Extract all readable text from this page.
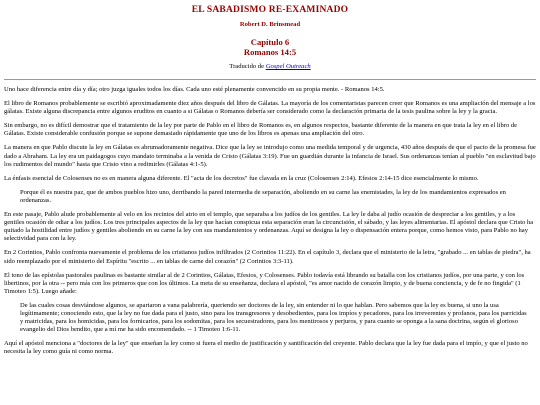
EL SABADISMO RE-EXAMINADO
Robert D. Brinsmead
Capítulo 6
Romanos 14:5
Traducido de Gospel Outreach

Uno hace diferencia entre día y día; otro juzga iguales todos los días. Cada uno esté plenamente convencido en su propia mente. - Romanos 14:5.

El libro de Romanos probablemente se escribió aproximadamente diez años después del libro de Gálatas. La mayoría de los comentaristas parecen creer que Romanos es una ampliación del mensaje a los gálatas. Existe alguna discrepancia entre algunos eruditos en cuanto a si Gálatas o Romanos debería ser considerado como la declaración primaria de la tesis paulina sobre la ley y la gracia.

Sin embargo, no es difícil demostrar que el tratamiento de la ley por parte de Pablo en el libro de Romanos es, en algunos respectos, bastante diferente de la manera en que trata la ley en el libro de Gálatas. Existe considerable confusión porque se supone demasiado rápidamente que uno de los libros es apenas una ampliación del otro.

La manera en que Pablo discute la ley en Gálatas es abrumadoramente negativa. Dice que la ley se introdujo como una medida temporal y de urgencia, 430 años después de que el pacto de la promesa fue dado a Abraham. La ley era un paidagogos cuyo mandato terminaba a la venida de Cristo (Gálatas 3:19). Fue un guardián durante la infancia de Israel. Sus ordenanzas tenían al pueblo "en esclavitud bajo los rudimentos del mundo" hasta que Cristo vino a redimirles (Gálatas 4:1-5).

La énfasis esencial de Colosenses no es en manera alguna diferente. El "acta de los decretos" fue clavada en la cruz (Colosenses 2:14). Efesios 2:14-15 dice esencialmente lo mismo.

Porque él es nuestra paz, que de ambos pueblos hizo uno, derribando la pared intermedia de separación, aboliendo en su carne las enemistades, la ley de los mandamientos expresados en ordenanzas.

En este pasaje, Pablo alude probablemente al velo en los recintos del atrio en el templo, que separaba a los judíos de los gentiles. La ley le daba al judío ocasión de despreciar a los gentiles, y a los gentiles ocasión de odiar a los judíos. Los tres principales aspectos de la ley que hacían conspicua esta separación eran la circuncisión, el sábado, y las leyes alimentarias. El apóstol declara que Cristo ha quitado la hostilidad entre judíos y gentiles aboliendo en su carne la ley con sus mandamientos y ordenanzas. Aquí se designa la ley o dispensación entera porque, como hemos visto, para Pablo no hay selectividad para con la ley.

En 2 Corintios, Pablo confronta nuevamente el problema de los cristianos judíos infiltrados (2 Corintios 11:22). En el capítulo 3, declara que el ministerio de la letra, "grabado ... en tablas de piedra", ha sido reemplazado por el ministerio del Espíritu "escrito ... en tablas de carne del corazón" (2 Corintios 3:3-11).

El tono de las epístolas pastorales paulinas es bastante similar al de 2 Corintios, Gálatas, Efesios, y Colosenses. Pablo todavía está librando su batalla con los cristianos judíos, por una parte, y con los libertinos, por la otra -- pero más con los primeros que con los últimos. La meta de su enseñanza, declara el apóstol, "es amor nacido de corazón limpio, y de buena conciencia, y de fe no fingida" (1 Timoteo 1:5). Luego añade:

De las cuales cosas desviándose algunos, se apartaron a vana palabrería, queriendo ser doctores de la ley, sin entender ni lo que hablan. Pero sabemos que la ley es buena, si uno la usa legítimamente; conociendo esto, que la ley no fue dada para el justo, sino para los transgresores y desobedientes, para los impíos y pecadores, para los irreverentes y profanos, para los parricidas y matricidas, para los homicidas, para los fornicarios, para los sodomitas, para los secuestradores, para los mentirosos y perjuros, y para cuanto se oponga a la sana doctrina, según el glorioso evangelio del Dios bendito, que a mí me ha sido encomendado. -- 1 Timoteo 1:6-11.

Aquí el apóstol menciona a "doctores de la ley" que enseñan la ley como si fuera el medio de justificación y santificación del creyente. Pablo declara que la ley fue dada para el impío, y que el justo no necesita la ley como guía ni como norma.
